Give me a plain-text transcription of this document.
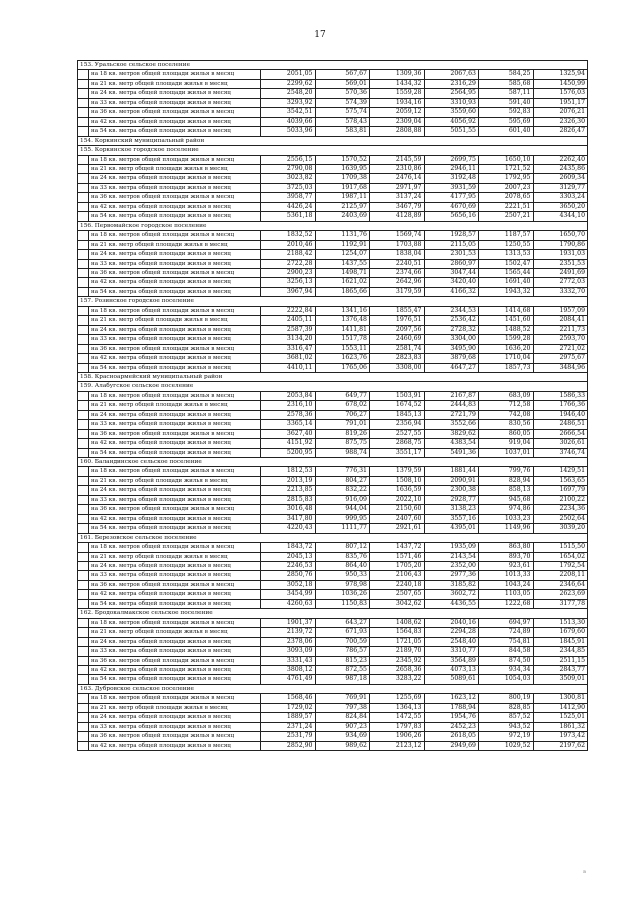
17
153. Уральское сельское поселение							
	на 18 кв. метров общей площади жилья в месяц	2051,05	567,67	1309,36	2067,63	584,25	1325,94
	на 21 кв. метр общей площади жилья в месяц	2299,62	569,01	1434,32	2316,29	585,68	1450,99
	на 24 кв. метра общей площади жилья в месяц	2548,20	570,36	1559,28	2564,95	587,11	1576,03
	на 33 кв. метра общей площади жилья в месяц	3293,92	574,39	1934,16	3310,93	591,40	1951,17
	на 36 кв. метров общей площади жилья в месяц	3542,51	575,74	2059,12	3559,60	592,83	2076,21
	на 42 кв. метра общей площади жилья в месяц	4039,66	578,43	2309,04	4056,92	595,69	2326,30
	на 54 кв. метра общей площади жилья в месяц	5033,96	583,81	2808,88	5051,55	601,40	2826,47
154. Коркинский муниципальный район							
155. Коркинское городское поселение							
	на 18 кв. метров общей площади жилья в месяц	2556,15	1570,52	2145,59	2699,75	1650,10	2262,40
	на 21 кв. метр общей площади жилья в месяц	2790,08	1639,95	2310,86	2946,11	1721,52	2435,86
	на 24 кв. метра общей площади жилья в месяц	3023,82	1709,38	2476,14	3192,48	1792,95	2609,34
	на 33 кв. метра общей площади жилья в месяц	3725,03	1917,68	2971,97	3931,59	2007,23	3129,77
	на 36 кв. метров общей площади жилья в месяц	3958,77	1987,11	3137,24	4177,95	2078,65	3303,24
	на 42 кв. метра общей площади жилья в месяц	4426,24	2125,97	3467,79	4670,69	2221,51	3650,20
	на 54 кв. метра общей площади жилья в месяц	5361,18	2403,69	4128,89	5656,16	2507,21	4344,10
156. Первомайское городское поселение							
	на 18 кв. метров общей площади жилья в месяц	1832,52	1131,76	1569,74	1928,57	1187,57	1650,70
	на 21 кв. метр общей площади жилья в месяц	2010,46	1192,91	1703,88	2115,05	1250,55	1790,86
	на 24 кв. метра общей площади жилья в месяц	2188,42	1254,07	1838,04	2301,53	1313,53	1931,03
	на 33 кв. метра общей площади жилья в месяц	2722,28	1437,55	2240,51	2860,97	1502,47	2351,53
	на 36 кв. метров общей площади жилья в месяц	2900,23	1498,71	2374,66	3047,44	1565,44	2491,69
	на 42 кв. метра общей площади жилья в месяц	3256,13	1621,02	2642,96	3420,40	1691,40	2772,03
	на 54 кв. метра общей площади жилья в месяц	3967,94	1865,66	3179,59	4166,32	1943,32	3332,70
157. Розинское городское поселение							
	на 18 кв. метров общей площади жилья в месяц	2222,84	1341,16	1855,47	2344,53	1414,68	1957,09
	на 21 кв. метр общей площади жилья в месяц	2405,11	1376,48	1976,51	2536,42	1451,60	2084,41
	на 24 кв. метра общей площади жилья в месяц	2587,39	1411,81	2097,56	2728,32	1488,52	2211,73
	на 33 кв. метра общей площади жилья в месяц	3134,20	1517,78	2460,69	3304,00	1599,28	2593,70
	на 36 кв. метров общей площади жилья в месяц	3316,47	1553,11	2581,74	3495,90	1636,20	2721,02
	на 42 кв. метра общей площади жилья в месяц	3681,02	1623,76	2823,83	3879,68	1710,04	2975,67
	на 54 кв. метра общей площади жилья в месяц	4410,11	1765,06	3308,00	4647,27	1857,73	3484,96
158. Красноармейский муниципальный район							
159. Алабугское сельское поселение							
	на 18 кв. метров общей площади жилья в месяц	2053,84	649,77	1503,91	2167,87	683,09	1586,33
	на 21 кв. метр общей площади жилья в месяц	2316,10	678,02	1674,52	2444,83	712,58	1766,36
	на 24 кв. метра общей площади жилья в месяц	2578,36	706,27	1845,13	2721,79	742,08	1946,40
	на 33 кв. метра общей площади жилья в месяц	3365,14	791,01	2356,94	3552,66	830,56	2486,51
	на 36 кв. метров общей площади жилья в месяц	3627,40	819,26	2527,55	3829,62	860,05	2666,54
	на 42 кв. метра общей площади жилья в месяц	4151,92	875,75	2868,75	4383,54	919,04	3026,61
	на 54 кв. метра общей площади жилья в месяц	5200,95	988,74	3551,17	5491,36	1037,01	3746,74
160. Баландинское сельское поселение							
	на 18 кв. метров общей площади жилья в месяц	1812,53	776,31	1379,59	1881,44	799,76	1429,51
	на 21 кв. метр общей площади жилья в месяц	2013,19	804,27	1508,10	2090,91	828,94	1563,65
	на 24 кв. метра общей площади жилья в месяц	2213,85	832,22	1636,59	2300,38	858,13	1697,79
	на 33 кв. метра общей площади жилья в месяц	2815,83	916,09	2022,10	2928,77	945,68	2100,22
	на 36 кв. метров общей площади жилья в месяц	3016,48	944,04	2150,60	3138,23	974,86	2234,36
	на 42 кв. метра общей площади жилья в месяц	3417,80	999,95	2407,60	3557,16	1033,23	2502,64
	на 54 кв. метра общей площади жилья в месяц	4220,43	1111,77	2921,61	4395,01	1149,96	3039,20
161. Березовское сельское поселение							
	на 18 кв. метров общей площади жилья в месяц	1843,72	807,12	1437,72	1935,09	863,80	1515,50
	на 21 кв. метр общей площади жилья в месяц	2045,13	835,76	1571,46	2143,54	893,70	1654,02
	на 24 кв. метра общей площади жилья в месяц	2246,53	864,40	1705,20	2352,00	923,61	1792,54
	на 33 кв. метра общей площади жилья в месяц	2850,76	950,33	2106,43	2977,36	1013,33	2208,11
	на 36 кв. метров общей площади жилья в месяц	3052,18	978,98	2240,18	3185,82	1043,24	2346,64
	на 42 кв. метра общей площади жилья в месяц	3454,99	1036,26	2507,65	3602,72	1103,05	2623,69
	на 54 кв. метра общей площади жилья в месяц	4260,63	1150,83	3042,62	4436,55	1222,68	3177,78
162. Бродокалмакское сельское поселение							
	на 18 кв. метров общей площади жилья в месяц	1901,37	643,27	1408,62	2040,16	694,97	1513,30
	на 21 кв. метр общей площади жилья в месяц	2139,72	671,93	1564,83	2294,28	724,89	1679,60
	на 24 кв. метра общей площади жилья в месяц	2378,06	700,59	1721,05	2548,40	754,81	1845,91
	на 33 кв. метра общей площади жилья в месяц	3093,09	786,57	2189,70	3310,77	844,58	2344,85
	на 36 кв. метров общей площади жилья в месяц	3331,43	815,23	2345,92	3564,89	874,50	2511,15
	на 42 кв. метра общей площади жилья в месяц	3808,12	872,55	2658,36	4073,13	934,34	2843,77
	на 54 кв. метра общей площади жилья в месяц	4761,49	987,18	3283,22	5089,61	1054,03	3509,01
163. Дубровское сельское поселение							
	на 18 кв. метров общей площади жилья в месяц	1568,46	769,91	1255,69	1623,12	800,19	1300,81
	на 21 кв. метр общей площади жилья в месяц	1729,02	797,38	1364,13	1788,94	828,85	1412,90
	на 24 кв. метра общей площади жилья в месяц	1889,57	824,84	1472,55	1954,76	857,52	1525,01
	на 33 кв. метра общей площади жилья в месяц	2371,24	907,23	1797,83	2452,23	943,52	1861,32
	на 36 кв. метров общей площади жилья в месяц	2531,79	934,69	1906,26	2618,05	972,19	1973,42
	на 42 кв. метра общей площади жилья в месяц	2852,90	989,62	2123,12	2949,69	1029,52	2197,62
в
